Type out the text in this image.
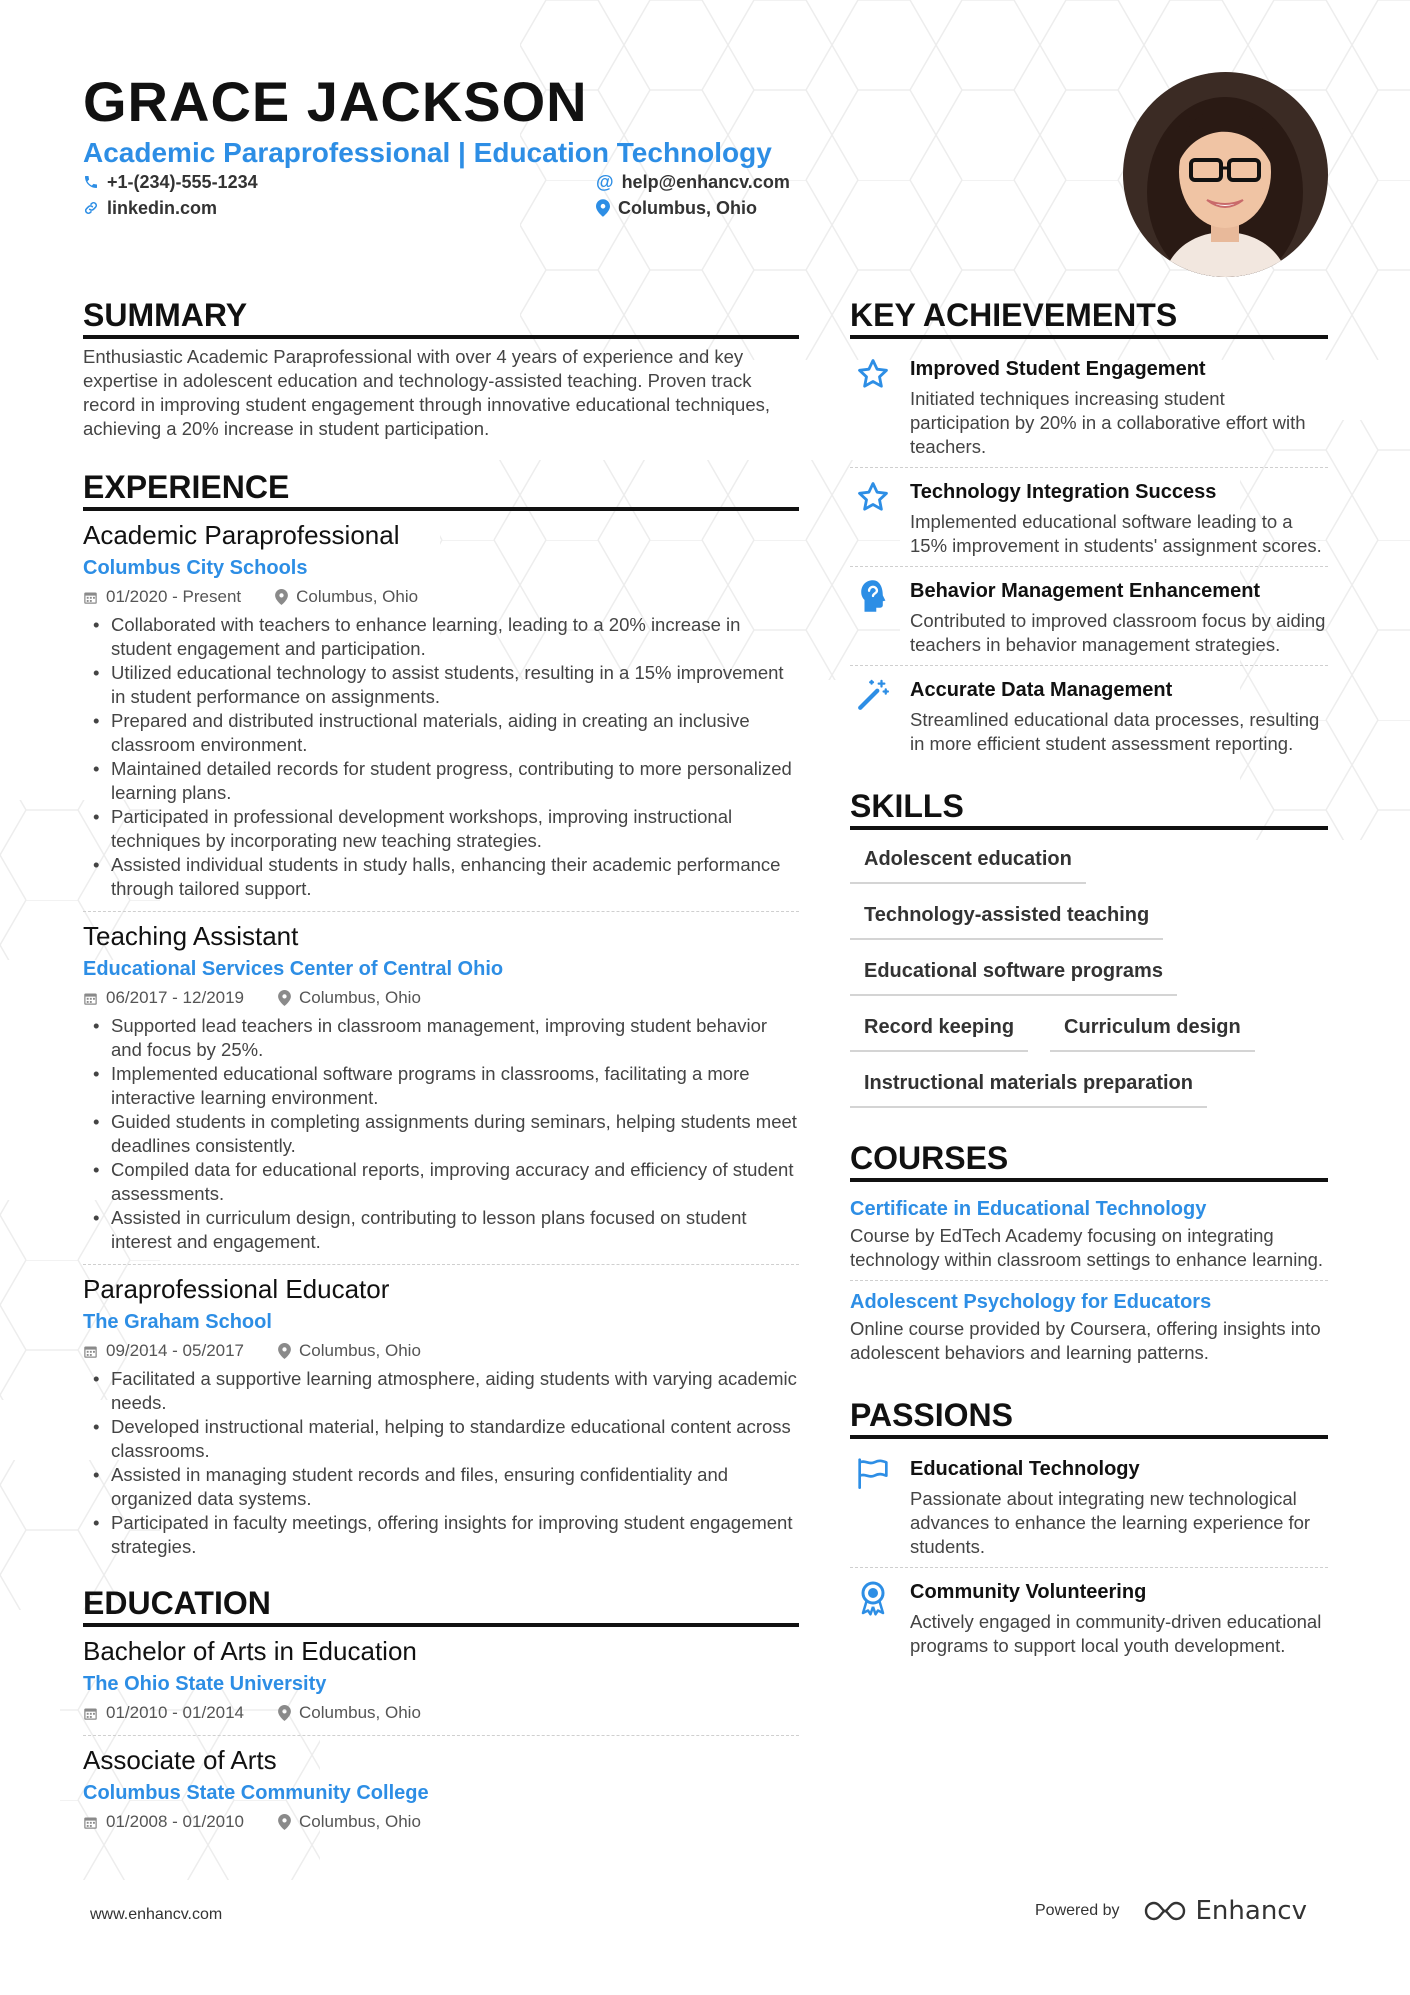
GRACE JACKSON
Academic Paraprofessional | Education Technology
+1-(234)-555-1234
linkedin.com
@ help@enhancv.com
Columbus, Ohio
SUMMARY

Enthusiastic Academic Paraprofessional with over 4 years of experience and key expertise in adolescent education and technology-assisted teaching. Proven track record in improving student engagement through innovative educational techniques, achieving a 20% increase in student participation.

EXPERIENCE
Academic Paraprofessional
Columbus City Schools
01/2020 - Present	Columbus, Ohio
• Collaborated with teachers to enhance learning, leading to a 20% increase in student engagement and participation.
• Utilized educational technology to assist students, resulting in a 15% improvement in student performance on assignments.
• Prepared and distributed instructional materials, aiding in creating an inclusive classroom environment.
• Maintained detailed records for student progress, contributing to more personalized learning plans.
• Participated in professional development workshops, improving instructional techniques by incorporating new teaching strategies.
• Assisted individual students in study halls, enhancing their academic performance through tailored support.
Teaching Assistant
Educational Services Center of Central Ohio
06/2017 - 12/2019	Columbus, Ohio
• Supported lead teachers in classroom management, improving student behavior and focus by 25%.
• Implemented educational software programs in classrooms, facilitating a more interactive learning environment.
• Guided students in completing assignments during seminars, helping students meet deadlines consistently.
• Compiled data for educational reports, improving accuracy and efficiency of student assessments.
• Assisted in curriculum design, contributing to lesson plans focused on student interest and engagement.
Paraprofessional Educator
The Graham School
09/2014 - 05/2017	Columbus, Ohio
• Facilitated a supportive learning atmosphere, aiding students with varying academic needs.
• Developed instructional material, helping to standardize educational content across classrooms.
• Assisted in managing student records and files, ensuring confidentiality and organized data systems.
• Participated in faculty meetings, offering insights for improving student engagement strategies.
EDUCATION
Bachelor of Arts in Education
The Ohio State University
01/2010 - 01/2014	Columbus, Ohio
Associate of Arts
Columbus State Community College
01/2008 - 01/2010	Columbus, Ohio
KEY ACHIEVEMENTS
Improved Student Engagement
Initiated techniques increasing student participation by 20% in a collaborative effort with teachers.
Technology Integration Success
Implemented educational software leading to a 15% improvement in students' assignment scores.
Behavior Management Enhancement
Contributed to improved classroom focus by aiding teachers in behavior management strategies.
Accurate Data Management
Streamlined educational data processes, resulting in more efficient student assessment reporting.
SKILLS
Adolescent education
Technology-assisted teaching
Educational software programs
Record keeping	Curriculum design
Instructional materials preparation
COURSES
Certificate in Educational Technology
Course by EdTech Academy focusing on integrating technology within classroom settings to enhance learning.
Adolescent Psychology for Educators
Online course provided by Coursera, offering insights into adolescent behaviors and learning patterns.
PASSIONS
Educational Technology
Passionate about integrating new technological advances to enhance the learning experience for students.
Community Volunteering
Actively engaged in community-driven educational programs to support local youth development.
www.enhancv.com	Powered by	Enhancv
